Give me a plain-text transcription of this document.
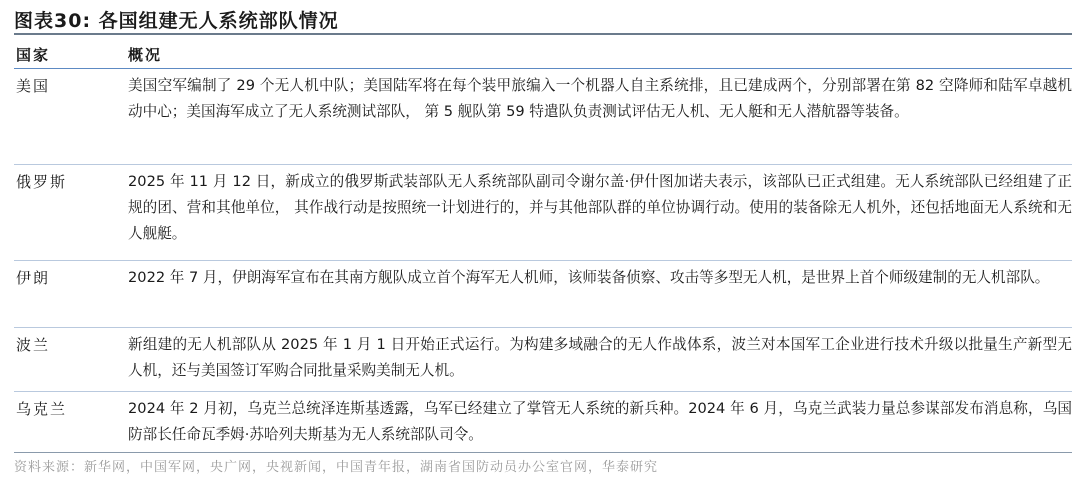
图表30: 各国组建无人系统部队情况
国家	概况
美国	美国空军编制了 29 个无人机中队；美国陆军将在每个装甲旅编入一个机器人自主系统排，且已建成两个，分别部署在第 82 空降师和陆军卓越机动中心；美国海军成立了无人系统测试部队， 第 5 舰队第 59 特遣队负责测试评估无人机、无人艇和无人潜航器等装备。
俄罗斯	2025 年 11 月 12 日，新成立的俄罗斯武装部队无人系统部队副司令谢尔盖·伊什图加诺夫表示，该部队已正式组建。无人系统部队已经组建了正规的团、营和其他单位， 其作战行动是按照统一计划进行的，并与其他部队群的单位协调行动。使用的装备除无人机外，还包括地面无人系统和无人舰艇。
伊朗	2022 年 7 月，伊朗海军宣布在其南方舰队成立首个海军无人机师，该师装备侦察、攻击等多型无人机，是世界上首个师级建制的无人机部队。
波兰	新组建的无人机部队从 2025 年 1 月 1 日开始正式运行。为构建多域融合的无人作战体系，波兰对本国军工企业进行技术升级以批量生产新型无人机，还与美国签订军购合同批量采购美制无人机。
乌克兰	2024 年 2 月初，乌克兰总统泽连斯基透露，乌军已经建立了掌管无人系统的新兵种。2024 年 6 月，乌克兰武装力量总参谋部发布消息称，乌国防部长任命瓦季姆·苏哈列夫斯基为无人系统部队司令。
资料来源：新华网，中国军网，央广网，央视新闻，中国青年报，湖南省国防动员办公室官网，华泰研究
